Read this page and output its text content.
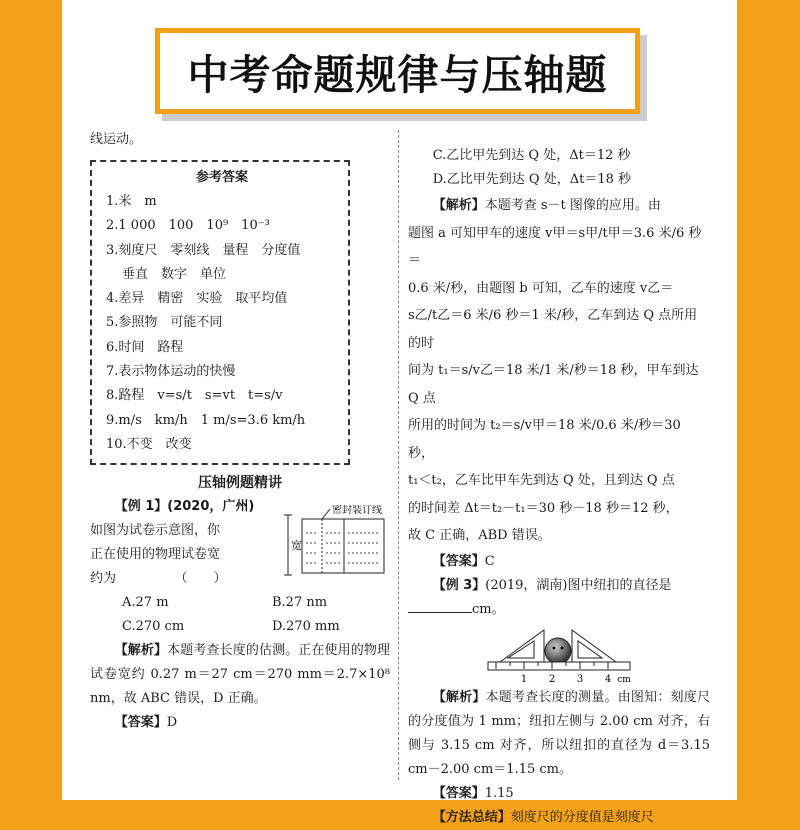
中考命题规律与压轴题
线运动。
参考答案
1.米　m
2.1 000　100　10⁹　10⁻³
3.刻度尺　零刻线　量程　分度值
垂直　数字　单位
4.差异　精密　实验　取平均值
5.参照物　可能不同
6.时间　路程
7.表示物体运动的快慢
8.路程　v=s/t　s=vt　t=s/v
9.m/s　km/h　1 m/s=3.6 km/h
10.不变　改变
压轴例题精讲
【例 1】(2020，广州)
如图为试卷示意图，你
正在使用的物理试卷宽
约为　　　　　（　　）
密封装订线
宽
A.27 m	B.27 nm
C.270 cm	D.270 mm
【解析】本题考查长度的估测。正在使用的物理试卷宽约 0.27 m＝27 cm＝270 mm＝2.7×10⁸ nm，故 ABC 错误，D 正确。
【答案】D
C.乙比甲先到达 Q 处，Δt＝12 秒
D.乙比甲先到达 Q 处，Δt＝18 秒
【解析】本题考查 s－t 图像的应用。由
题图 a 可知甲车的速度 v甲＝s甲/t甲＝3.6 米/6 秒＝
0.6 米/秒，由题图 b 可知，乙车的速度 v乙＝
s乙/t乙＝6 米/6 秒＝1 米/秒，乙车到达 Q 点所用的时
间为 t₁＝s/v乙＝18 米/1 米/秒＝18 秒，甲车到达 Q 点
所用的时间为 t₂＝s/v甲＝18 米/0.6 米/秒＝30 秒，
t₁＜t₂，乙车比甲车先到达 Q 处，且到达 Q 点
的时间差 Δt＝t₂－t₁＝30 秒－18 秒＝12 秒，
故 C 正确，ABD 错误。
【答案】C
【例 3】(2019，湖南)图中纽扣的直径是
cm。
1 2 3 4 cm
【解析】本题考查长度的测量。由图知：刻度尺的分度值为 1 mm；纽扣左侧与 2.00 cm 对齐，右侧与 3.15 cm 对齐，所以纽扣的直径为 d＝3.15 cm－2.00 cm＝1.15 cm。
【答案】1.15
【方法总结】刻度尺的分度值是刻度尺
